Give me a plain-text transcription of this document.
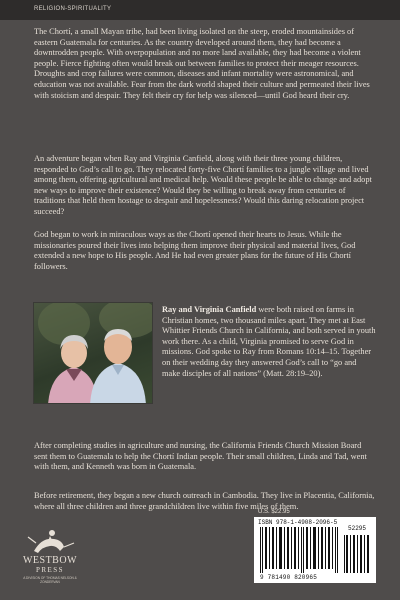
RELIGION-SPIRITUALITY

The Chortí, a small Mayan tribe, had been living isolated on the steep, eroded mountainsides of eastern Guatemala for centuries. As the country developed around them, they had become a downtrodden people. With overpopulation and no more land available, they had become a violent people. Fierce fighting often would break out between families to protect their meager resources. Droughts and crop failures were common, diseases and infant mortality were astronomical, and education was not available. Fear from the dark world shaped their culture and permeated their lives with stoicism and despair. They felt their cry for help was silenced—until God heard their cry.

An adventure began when Ray and Virginia Canfield, along with their three young children, responded to God’s call to go. They relocated forty-five Chortí families to a jungle village and lived among them, offering agricultural and medical help. Would these people be able to change and adopt new ways to improve their existence? Would they be willing to break away from centuries of traditions that held them hostage to despair and hopelessness? Would this daring relocation project succeed?

God began to work in miraculous ways as the Chortí opened their hearts to Jesus. While the missionaries poured their lives into helping them improve their physical and material lives, God extended a new hope to His people. And He had even greater plans for the future of His Chortí followers.

Ray and Virginia Canfield were both raised on farms in Christian homes, two thousand miles apart. They met at East Whittier Friends Church in California, and both served in youth work there. As a child, Virginia promised to serve God in missions. God spoke to Ray from Romans 10:14–15. Together on their wedding day they answered God’s call to “go and make disciples of all nations” (Matt. 28:19–20).

After completing studies in agriculture and nursing, the California Friends Church Mission Board sent them to Guatemala to help the Chortí Indian people. Their small children, Linda and Tad, went with them, and Kenneth was born in Guatemala.

Before retirement, they began a new church outreach in Cambodia. They live in Placentia, California, where all three children and three grandchildren live within five miles of them.

WESTBOW
PRESS
A DIVISION OF THOMAS NELSON & ZONDERVAN
U.S. $22.95
ISBN 978-1-4908-2096-5
52295
9 781490 820965
